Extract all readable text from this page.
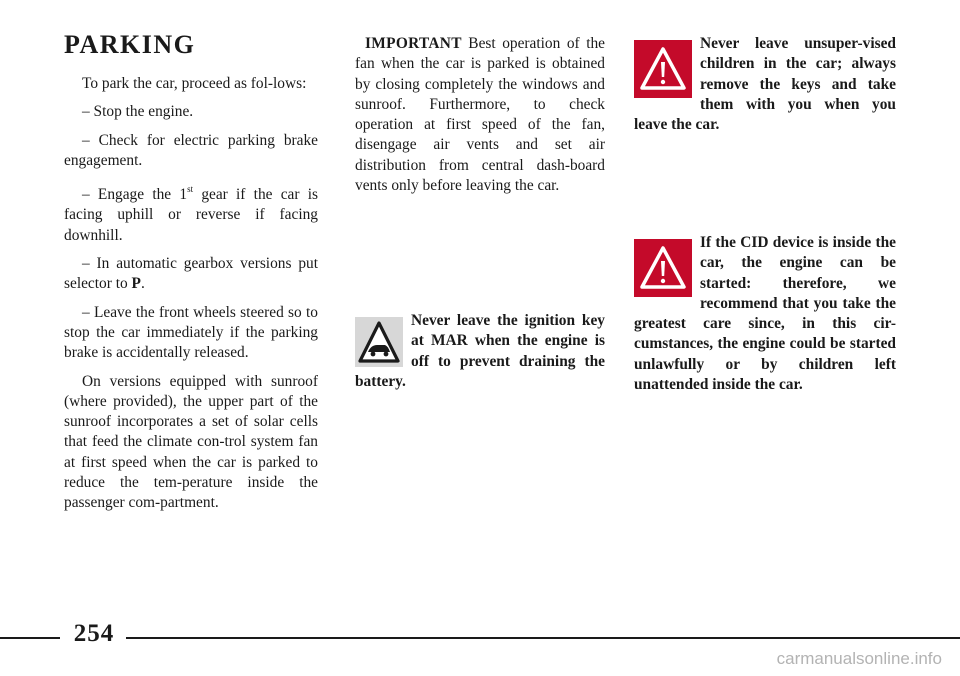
PARKING

To park the car, proceed as fol-lows:

– Stop the engine.

– Check for electric parking brake engagement.

– Engage the 1st gear if the car is facing uphill or reverse if facing downhill.

– In automatic gearbox versions put selector to P.

– Leave the front wheels steered so to stop the car immediately if the parking brake is accidentally released.

On versions equipped with sunroof (where provided), the upper part of the sunroof incorporates a set of solar cells that feed the climate con-trol system fan at first speed when the car is parked to reduce the tem-perature inside the passenger com-partment.

IMPORTANT Best operation of the fan when the car is parked is obtained by closing completely the windows and sunroof. Furthermore, to check operation at first speed of the fan, disengage air vents and set air distribution from central dash-board vents only before leaving the car.

Never leave the ignition key at MAR when the engine is off to prevent draining the battery.
Never leave unsuper-vised children in the car; always remove the keys and take them with you when you leave the car.
If the CID device is inside the car, the engine can be started: therefore, we recommend that you take the greatest care since, in this cir-cumstances, the engine could be started unlawfully or by children left unattended inside the car.
254
carmanualsonline.info
